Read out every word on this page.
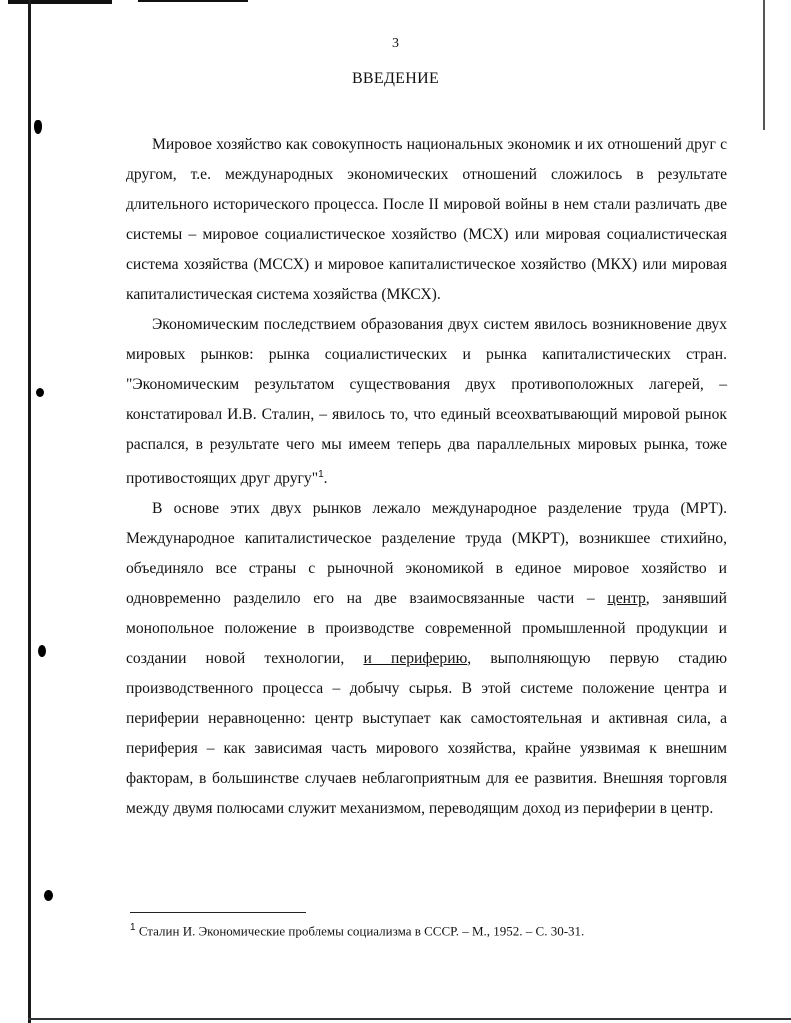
3
ВВЕДЕНИЕ

Мировое хозяйство как совокупность национальных экономик и их отношений друг с другом, т.е. международных экономических отношений сложилось в результате длительного исторического процесса. После II мировой войны в нем стали различать две системы – мировое социалистическое хозяйство (МСХ) или мировая социалистическая система хозяйства (МССХ) и мировое капиталистическое хозяйство (МКХ) или мировая капиталистическая система хозяйства (МКСХ).

Экономическим последствием образования двух систем явилось возникновение двух мировых рынков: рынка социалистических и рынка капиталистических стран. "Экономическим результатом существования двух противоположных лагерей, – констатировал И.В. Сталин, – явилось то, что единый всеохватывающий мировой рынок распался, в результате чего мы имеем теперь два параллельных мировых рынка, тоже противостоящих друг другу"$^1$.

В основе этих двух рынков лежало международное разделение труда (МРТ). Международное капиталистическое разделение труда (МКРТ), возникшее стихийно, объединяло все страны с рыночной экономикой в единое мировое хозяйство и одновременно разделило его на две взаимосвязанные части – центр, занявший монопольное положение в производстве современной промышленной продукции и создании новой технологии, и периферию, выполняющую первую стадию производственного процесса – добычу сырья. В этой системе положение центра и периферии неравноценно: центр выступает как самостоятельная и активная сила, а периферия – как зависимая часть мирового хозяйства, крайне уязвимая к внешним факторам, в большинстве случаев неблагоприятным для ее развития. Внешняя торговля между двумя полюсами служит механизмом, переводящим доход из периферии в центр.

$^1$ Сталин И. Экономические проблемы социализма в СССР. – М., 1952. – С. 30-31.
